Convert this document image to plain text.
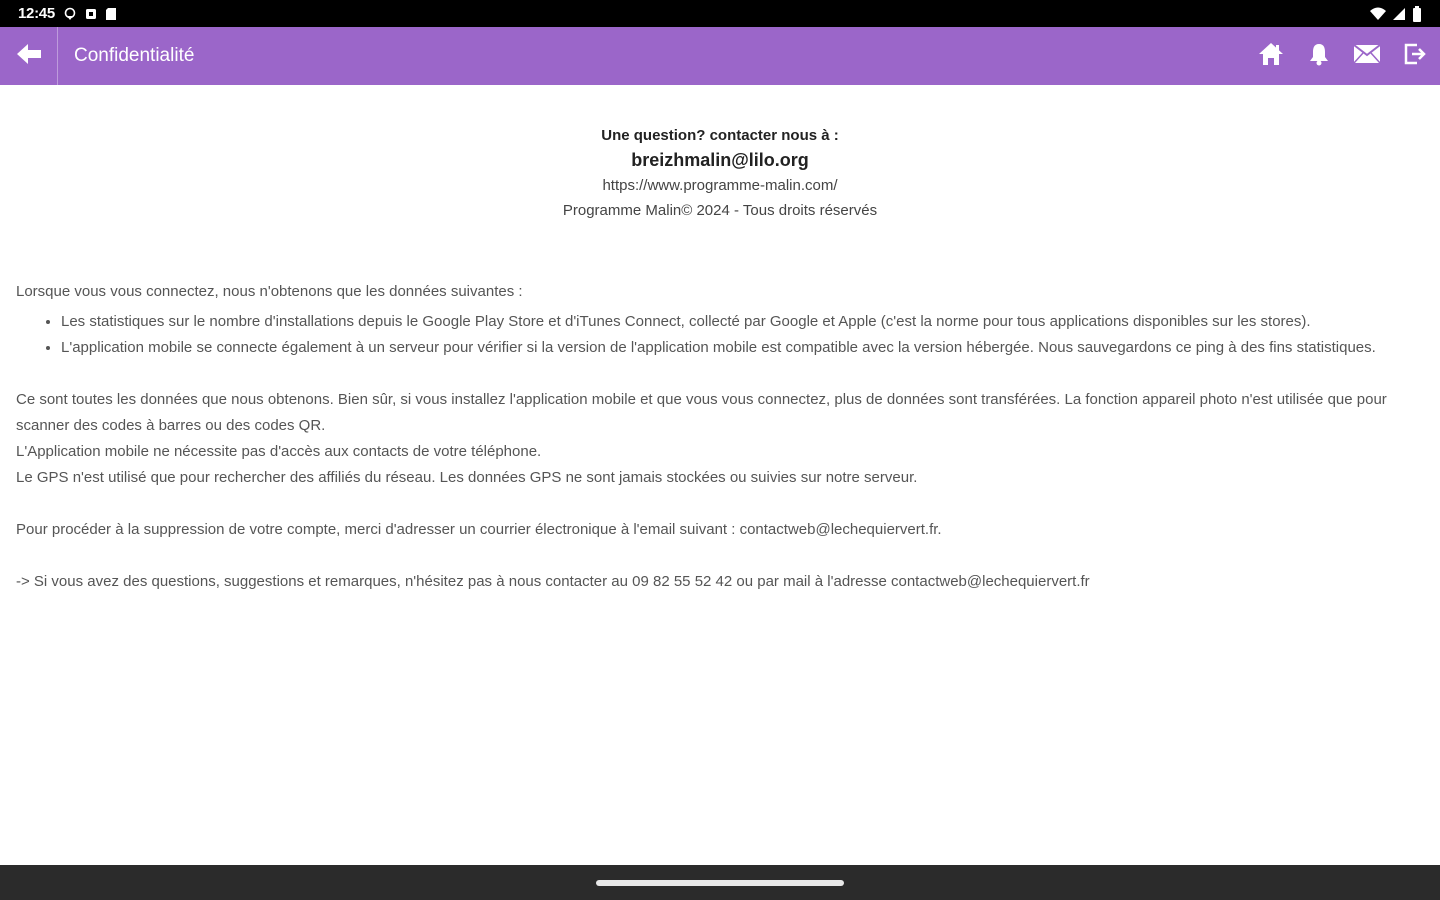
12:45
Confidentialité
Une question? contacter nous à :
breizhmalin@lilo.org
https://www.programme-malin.com/
Programme Malin© 2024 - Tous droits réservés

Lorsque vous vous connectez, nous n'obtenons que les données suivantes :

• Les statistiques sur le nombre d'installations depuis le Google Play Store et d'iTunes Connect, collecté par Google et Apple (c'est la norme pour tous applications disponibles sur les stores).
• L'application mobile se connecte également à un serveur pour vérifier si la version de l'application mobile est compatible avec la version hébergée. Nous sauvegardons ce ping à des fins statistiques.

Ce sont toutes les données que nous obtenons. Bien sûr, si vous installez l'application mobile et que vous vous connectez, plus de données sont transférées. La fonction appareil photo n'est utilisée que pour scanner des codes à barres ou des codes QR.

L'Application mobile ne nécessite pas d'accès aux contacts de votre téléphone.

Le GPS n'est utilisé que pour rechercher des affiliés du réseau. Les données GPS ne sont jamais stockées ou suivies sur notre serveur.

Pour procéder à la suppression de votre compte, merci d'adresser un courrier électronique à l'email suivant : contactweb@lechequiervert.fr.

-> Si vous avez des questions, suggestions et remarques, n'hésitez pas à nous contacter au 09 82 55 52 42 ou par mail à l'adresse contactweb@lechequiervert.fr
